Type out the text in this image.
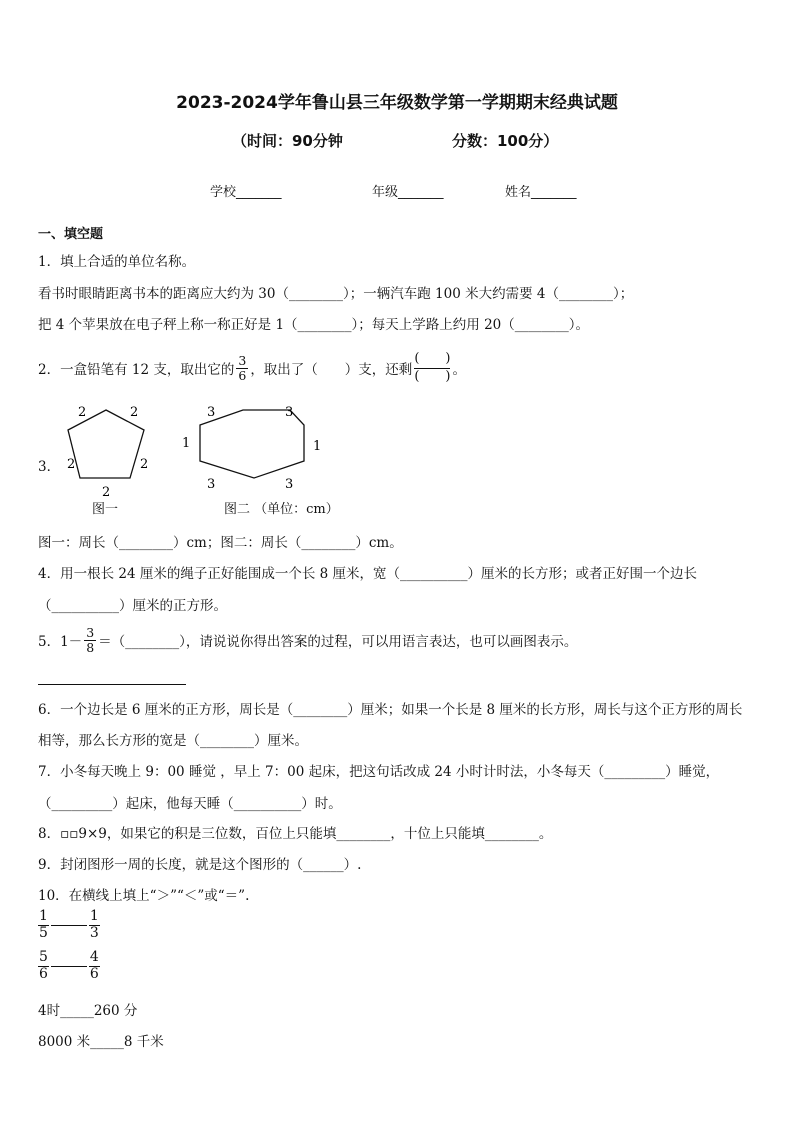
2023-2024学年鲁山县三年级数学第一学期期末经典试题
（时间：90分钟	分数：100分）
学校_______	年级_______	姓名_______
一、填空题
1．填上合适的单位名称。
看书时眼睛距离书本的距离应大约为 30（________）；一辆汽车跑 100 米大约需要 4（________）；
把 4 个苹果放在电子秤上称一称正好是 1（________）；每天上学路上约用 20（________）。
2．一盒铅笔有 12 支，取出它的 $\frac{3}{6}$ ，取出了（　　）支，还剩 $\frac{( )}{( )}$ 。
3．
2	2
2	2
2
3	3
1	1
3	3
图一	图二 （单位：cm）
图一：周长（________）cm；图二：周长（________）cm。
4．用一根长 24 厘米的绳子正好能围成一个长 8 厘米，宽（__________）厘米的长方形；或者正好围一个边长
（__________）厘米的正方形。
5．$1- \frac{3}{8}$ ＝（________），请说说你得出答案的过程，可以用语言表达，也可以画图表示。
6．一个边长是 6 厘米的正方形，周长是（________）厘米；如果一个长是 8 厘米的长方形，周长与这个正方形的周长
相等，那么长方形的宽是（________）厘米。
7．小冬每天晚上 9：00 睡觉 ，早上 7：00 起床，把这句话改成 24 小时计时法，小冬每天（_________）睡觉，
（_________）起床，他每天睡（__________）时。
8．▫▫9×9，如果它的积是三位数，百位上只能填________，十位上只能填________。
9．封闭图形一周的长度，就是这个图形的（______）.
10．在横线上填上“＞”“＜”或“＝”.
$\frac{1}{5}$	$\frac{1}{3}$
$\frac{5}{6}$	$\frac{4}{6}$
4时_____260 分
8000 米_____8 千米
